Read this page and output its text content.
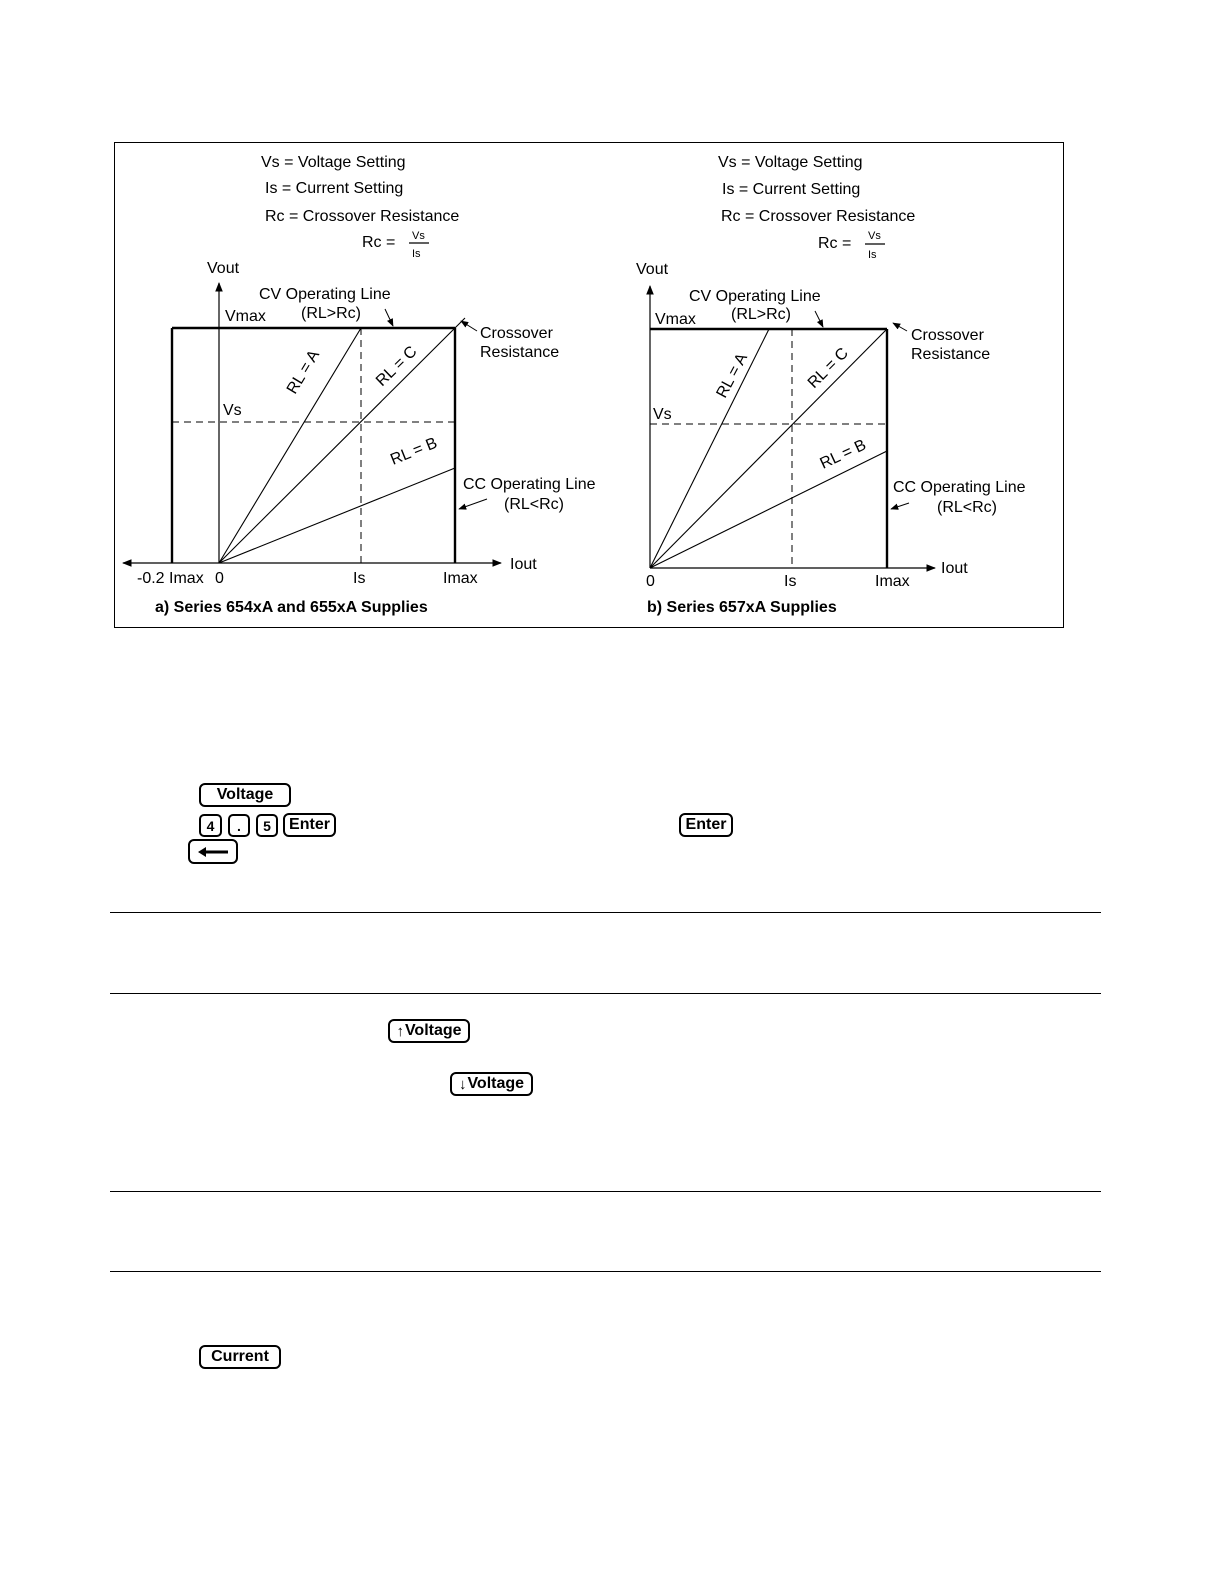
Vs = Voltage Setting
Is = Current Setting
Rc = Crossover Resistance
Rc = Vs
Is
Vout
Vmax
Vs
CV Operating Line
(RL>Rc)
Crossover
Resistance
RL = A	RL = C
RL = B
CC Operating Line
(RL<Rc)
Iout
-0.2 Imax 0	Is	Imax
a) Series 654xA and 655xA Supplies
Vs = Voltage Setting
Is = Current Setting
Rc = Crossover Resistance
Rc = Vs
Is
Vout
Vmax
Vs
CV Operating Line
(RL>Rc)
Crossover
Resistance
RL = A	RL = C
RL = B
CC Operating Line
(RL<Rc)
Iout
0	Is	Imax
b) Series 657xA Supplies
Voltage
4	.	5	Enter	Enter
↑ Voltage
↓ Voltage
Current
